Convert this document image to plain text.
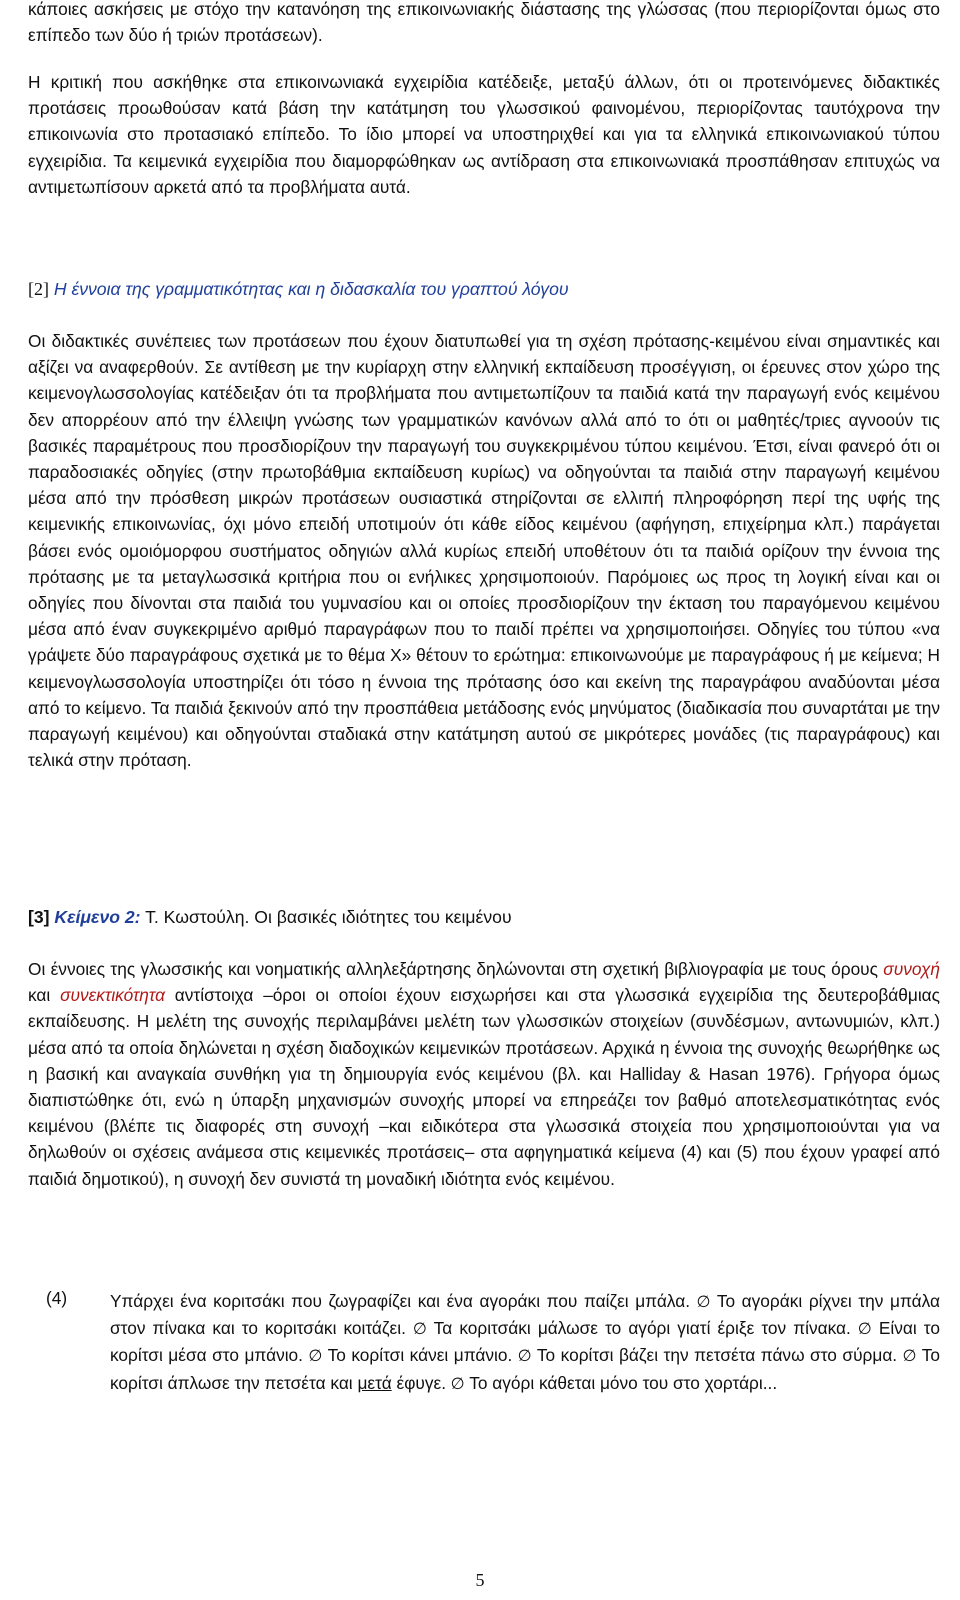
κάποιες ασκήσεις με στόχο την κατανόηση της επικοινωνιακής διάστασης της γλώσσας (που περιορίζονται όμως στο επίπεδο των δύο ή τριών προτάσεων).

Η κριτική που ασκήθηκε στα επικοινωνιακά εγχειρίδια κατέδειξε, μεταξύ άλλων, ότι οι προτεινόμενες διδακτικές προτάσεις προωθούσαν κατά βάση την κατάτμηση του γλωσσικού φαινομένου, περιορίζοντας ταυτόχρονα την επικοινωνία στο προτασιακό επίπεδο. Το ίδιο μπορεί να υποστηριχθεί και για τα ελληνικά επικοινωνιακού τύπου εγχειρίδια. Τα κειμενικά εγχειρίδια που διαμορφώθηκαν ως αντίδραση στα επικοινωνιακά προσπάθησαν επιτυχώς να αντιμετωπίσουν αρκετά από τα προβλήματα αυτά.

[2] Η έννοια της γραμματικότητας και η διδασκαλία του γραπτού λόγου

Οι διδακτικές συνέπειες των προτάσεων που έχουν διατυπωθεί για τη σχέση πρότασης-κειμένου είναι σημαντικές και αξίζει να αναφερθούν. Σε αντίθεση με την κυρίαρχη στην ελληνική εκπαίδευση προσέγγιση, οι έρευνες στον χώρο της κειμενογλωσσολογίας κατέδειξαν ότι τα προβλήματα που αντιμετωπίζουν τα παιδιά κατά την παραγωγή ενός κειμένου δεν απορρέουν από την έλλειψη γνώσης των γραμματικών κανόνων αλλά από το ότι οι μαθητές/τριες αγνοούν τις βασικές παραμέτρους που προσδιορίζουν την παραγωγή του συγκεκριμένου τύπου κειμένου. Έτσι, είναι φανερό ότι οι παραδοσιακές οδηγίες (στην πρωτοβάθμια εκπαίδευση κυρίως) να οδηγούνται τα παιδιά στην παραγωγή κειμένου μέσα από την πρόσθεση μικρών προτάσεων ουσιαστικά στηρίζονται σε ελλιπή πληροφόρηση περί της υφής της κειμενικής επικοινωνίας, όχι μόνο επειδή υποτιμούν ότι κάθε είδος κειμένου (αφήγηση, επιχείρημα κλπ.) παράγεται βάσει ενός ομοιόμορφου συστήματος οδηγιών αλλά κυρίως επειδή υποθέτουν ότι τα παιδιά ορίζουν την έννοια της πρότασης με τα μεταγλωσσικά κριτήρια που οι ενήλικες χρησιμοποιούν. Παρόμοιες ως προς τη λογική είναι και οι οδηγίες που δίνονται στα παιδιά του γυμνασίου και οι οποίες προσδιορίζουν την έκταση του παραγόμενου κειμένου μέσα από έναν συγκεκριμένο αριθμό παραγράφων που το παιδί πρέπει να χρησιμοποιήσει. Οδηγίες του τύπου «να γράψετε δύο παραγράφους σχετικά με το θέμα Χ» θέτουν το ερώτημα: επικοινωνούμε με παραγράφους ή με κείμενα; Η κειμενογλωσσολογία υποστηρίζει ότι τόσο η έννοια της πρότασης όσο και εκείνη της παραγράφου αναδύονται μέσα από το κείμενο. Τα παιδιά ξεκινούν από την προσπάθεια μετάδοσης ενός μηνύματος (διαδικασία που συναρτάται με την παραγωγή κειμένου) και οδηγούνται σταδιακά στην κατάτμηση αυτού σε μικρότερες μονάδες (τις παραγράφους) και τελικά στην πρόταση.

[3] Κείμενο 2: Τ. Κωστούλη. Οι βασικές ιδιότητες του κειμένου

Οι έννοιες της γλωσσικής και νοηματικής αλληλεξάρτησης δηλώνονται στη σχετική βιβλιογραφία με τους όρους συνοχή και συνεκτικότητα αντίστοιχα –όροι οι οποίοι έχουν εισχωρήσει και στα γλωσσικά εγχειρίδια της δευτεροβάθμιας εκπαίδευσης. Η μελέτη της συνοχής περιλαμβάνει μελέτη των γλωσσικών στοιχείων (συνδέσμων, αντωνυμιών, κλπ.) μέσα από τα οποία δηλώνεται η σχέση διαδοχικών κειμενικών προτάσεων. Αρχικά η έννοια της συνοχής θεωρήθηκε ως η βασική και αναγκαία συνθήκη για τη δημιουργία ενός κειμένου (βλ. και Halliday & Hasan 1976). Γρήγορα όμως διαπιστώθηκε ότι, ενώ η ύπαρξη μηχανισμών συνοχής μπορεί να επηρεάζει τον βαθμό αποτελεσματικότητας ενός κειμένου (βλέπε τις διαφορές στη συνοχή –και ειδικότερα στα γλωσσικά στοιχεία που χρησιμοποιούνται για να δηλωθούν οι σχέσεις ανάμεσα στις κειμενικές προτάσεις– στα αφηγηματικά κείμενα (4) και (5) που έχουν γραφεί από παιδιά δημοτικού), η συνοχή δεν συνιστά τη μοναδική ιδιότητα ενός κειμένου.

(4) Υπάρχει ένα κοριτσάκι που ζωγραφίζει και ένα αγοράκι που παίζει μπάλα. ∅ Το αγοράκι ρίχνει την μπάλα στον πίνακα και το κοριτσάκι κοιτάζει. ∅ Τα κοριτσάκι μάλωσε το αγόρι γιατί έριξε τον πίνακα. ∅ Είναι το κορίτσι μέσα στο μπάνιο. ∅ Το κορίτσι κάνει μπάνιο. ∅ Το κορίτσι βάζει την πετσέτα πάνω στο σύρμα. ∅ Το κορίτσι άπλωσε την πετσέτα και μετά έφυγε. ∅ Το αγόρι κάθεται μόνο του στο χορτάρι...

5
